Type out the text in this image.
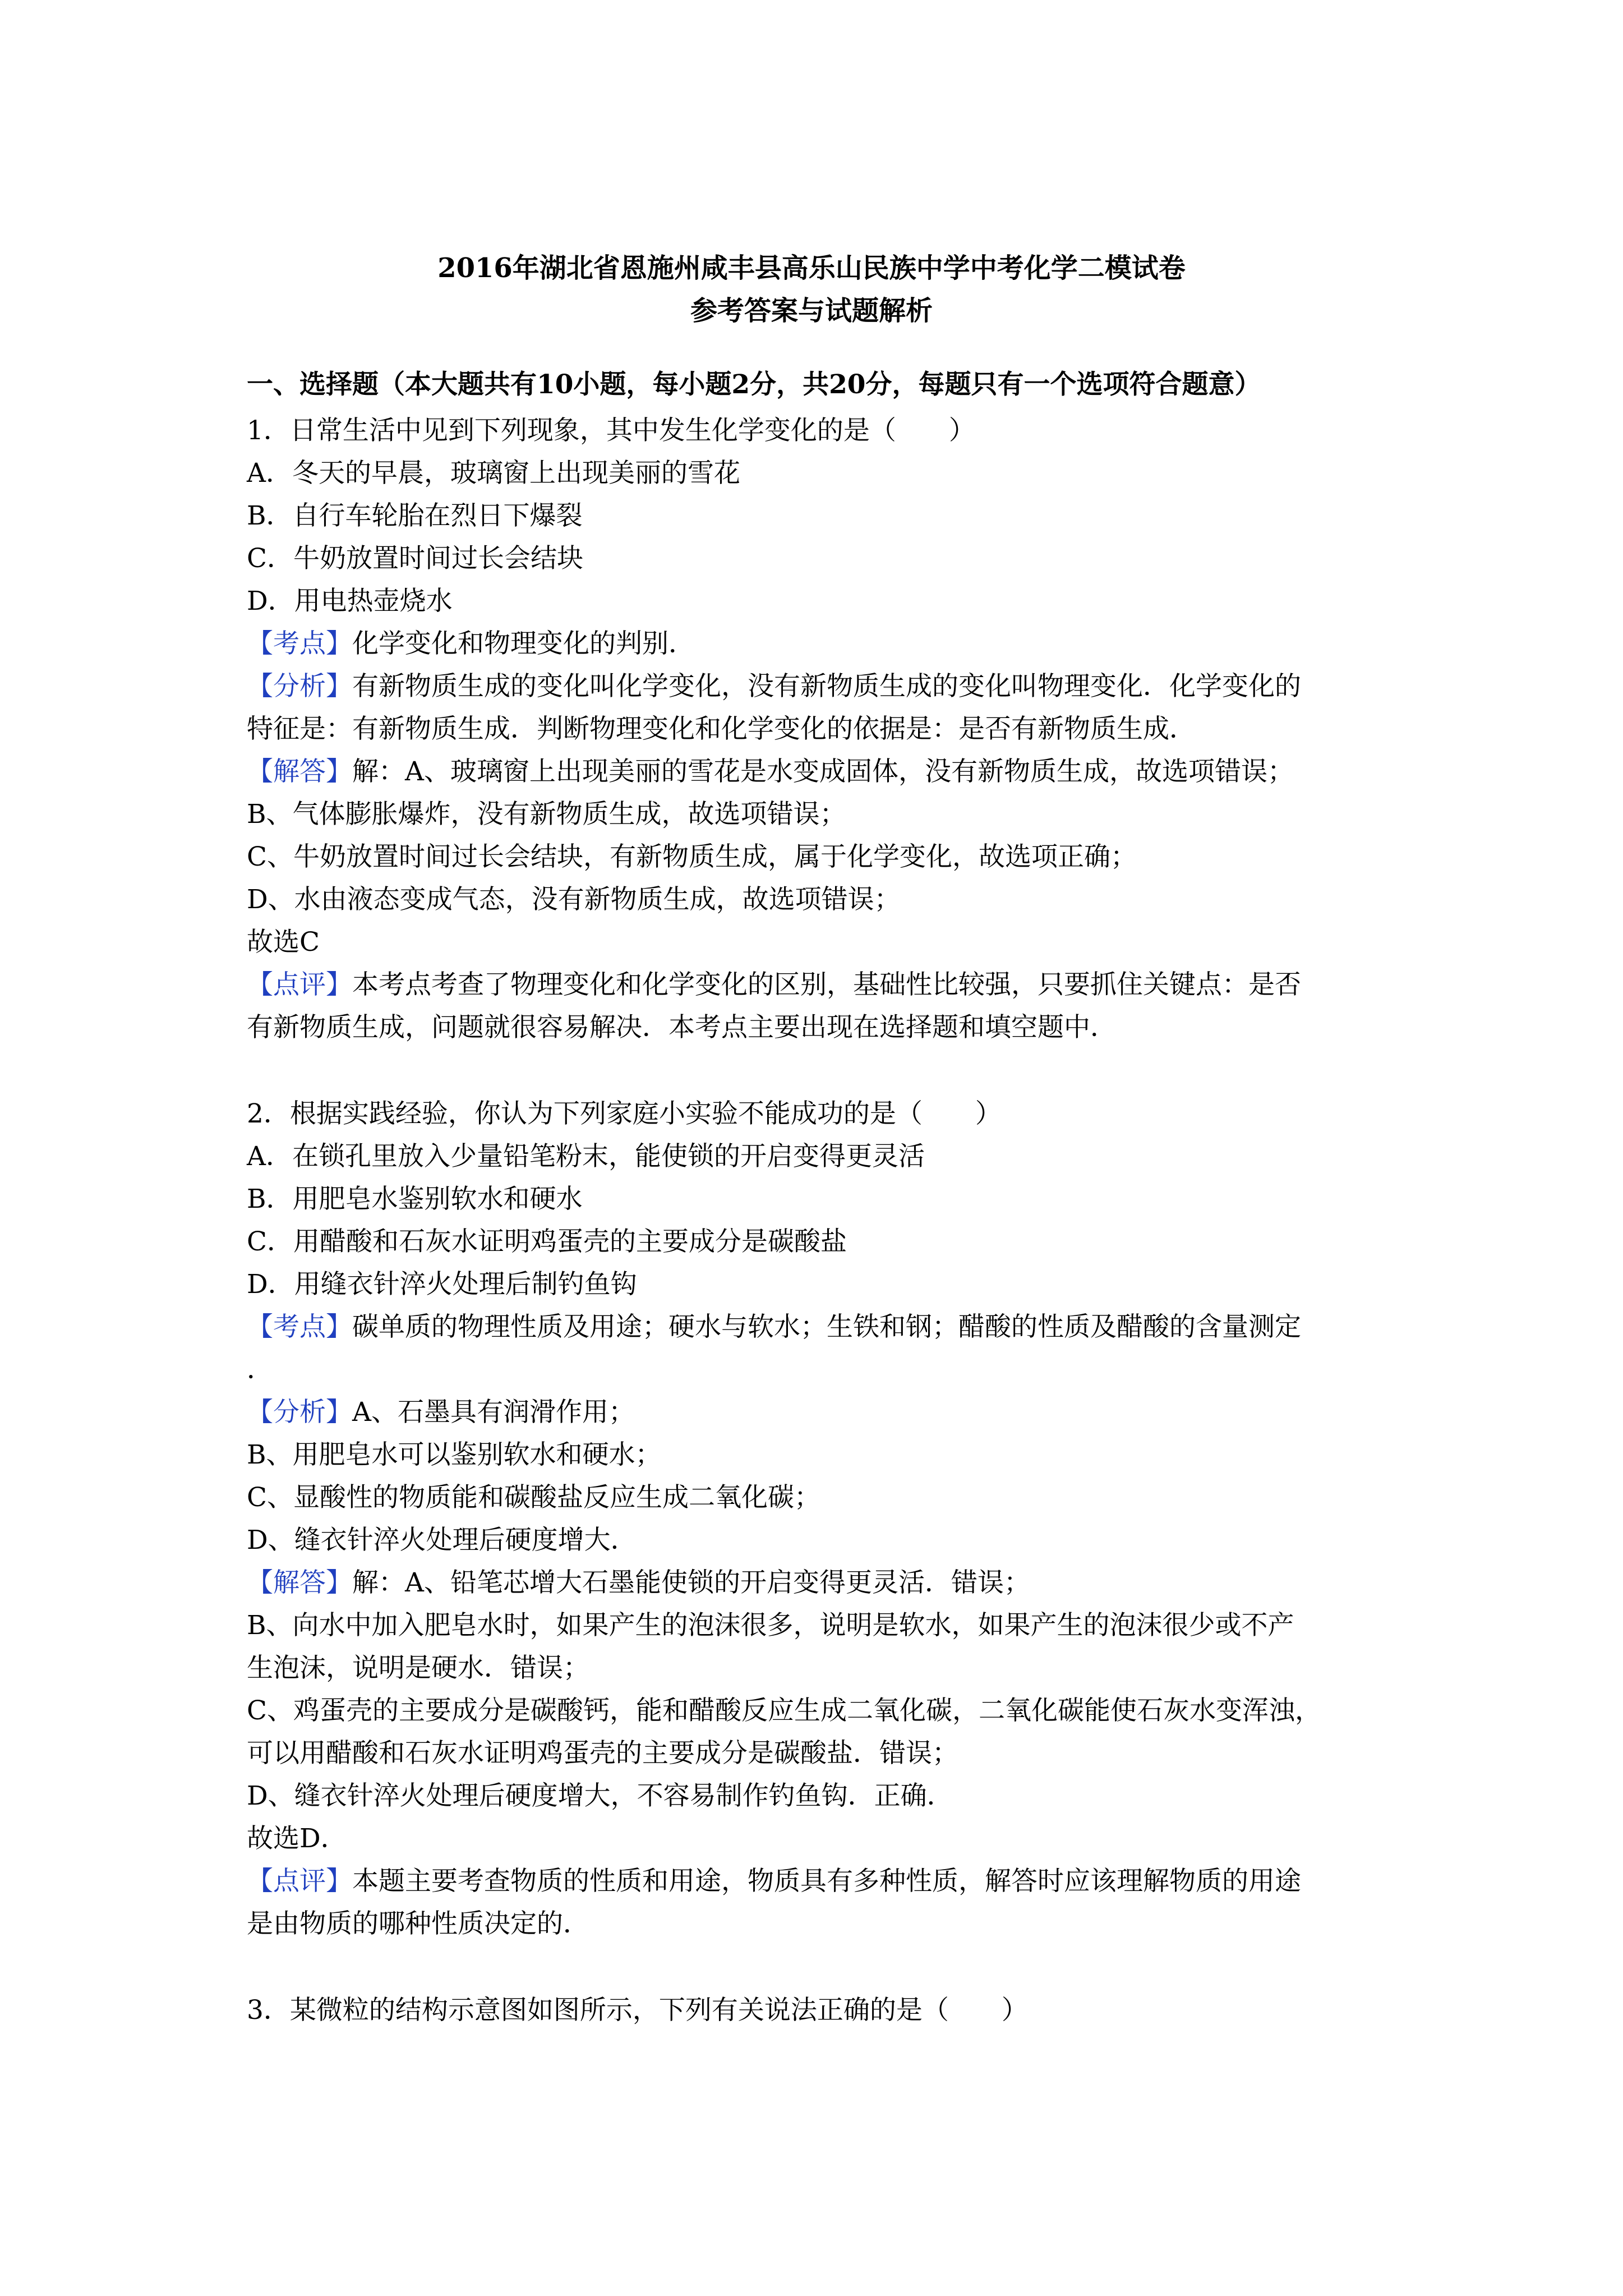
2016年湖北省恩施州咸丰县高乐山民族中学中考化学二模试卷
参考答案与试题解析
一、选择题（本大题共有10小题，每小题2分，共20分，每题只有一个选项符合题意）
1．日常生活中见到下列现象，其中发生化学变化的是（　　）
A．冬天的早晨，玻璃窗上出现美丽的雪花
B．自行车轮胎在烈日下爆裂
C．牛奶放置时间过长会结块
D．用电热壶烧水
【考点】化学变化和物理变化的判别．
【分析】有新物质生成的变化叫化学变化，没有新物质生成的变化叫物理变化．化学变化的
特征是：有新物质生成．判断物理变化和化学变化的依据是：是否有新物质生成．
【解答】解：A、玻璃窗上出现美丽的雪花是水变成固体，没有新物质生成，故选项错误；
B、气体膨胀爆炸，没有新物质生成，故选项错误；
C、牛奶放置时间过长会结块，有新物质生成，属于化学变化，故选项正确；
D、水由液态变成气态，没有新物质生成，故选项错误；
故选C
【点评】本考点考查了物理变化和化学变化的区别，基础性比较强，只要抓住关键点：是否
有新物质生成，问题就很容易解决．本考点主要出现在选择题和填空题中．
2．根据实践经验，你认为下列家庭小实验不能成功的是（　　）
A．在锁孔里放入少量铅笔粉末，能使锁的开启变得更灵活
B．用肥皂水鉴别软水和硬水
C．用醋酸和石灰水证明鸡蛋壳的主要成分是碳酸盐
D．用缝衣针淬火处理后制钓鱼钩
【考点】碳单质的物理性质及用途；硬水与软水；生铁和钢；醋酸的性质及醋酸的含量测定
．
【分析】A、石墨具有润滑作用；
B、用肥皂水可以鉴别软水和硬水；
C、显酸性的物质能和碳酸盐反应生成二氧化碳；
D、缝衣针淬火处理后硬度增大．
【解答】解：A、铅笔芯增大石墨能使锁的开启变得更灵活．错误；
B、向水中加入肥皂水时，如果产生的泡沫很多，说明是软水，如果产生的泡沫很少或不产
生泡沫，说明是硬水．错误；
C、鸡蛋壳的主要成分是碳酸钙，能和醋酸反应生成二氧化碳，二氧化碳能使石灰水变浑浊，
可以用醋酸和石灰水证明鸡蛋壳的主要成分是碳酸盐．错误；
D、缝衣针淬火处理后硬度增大，不容易制作钓鱼钩．正确．
故选D．
【点评】本题主要考查物质的性质和用途，物质具有多种性质，解答时应该理解物质的用途
是由物质的哪种性质决定的．
3．某微粒的结构示意图如图所示，下列有关说法正确的是（　　）
